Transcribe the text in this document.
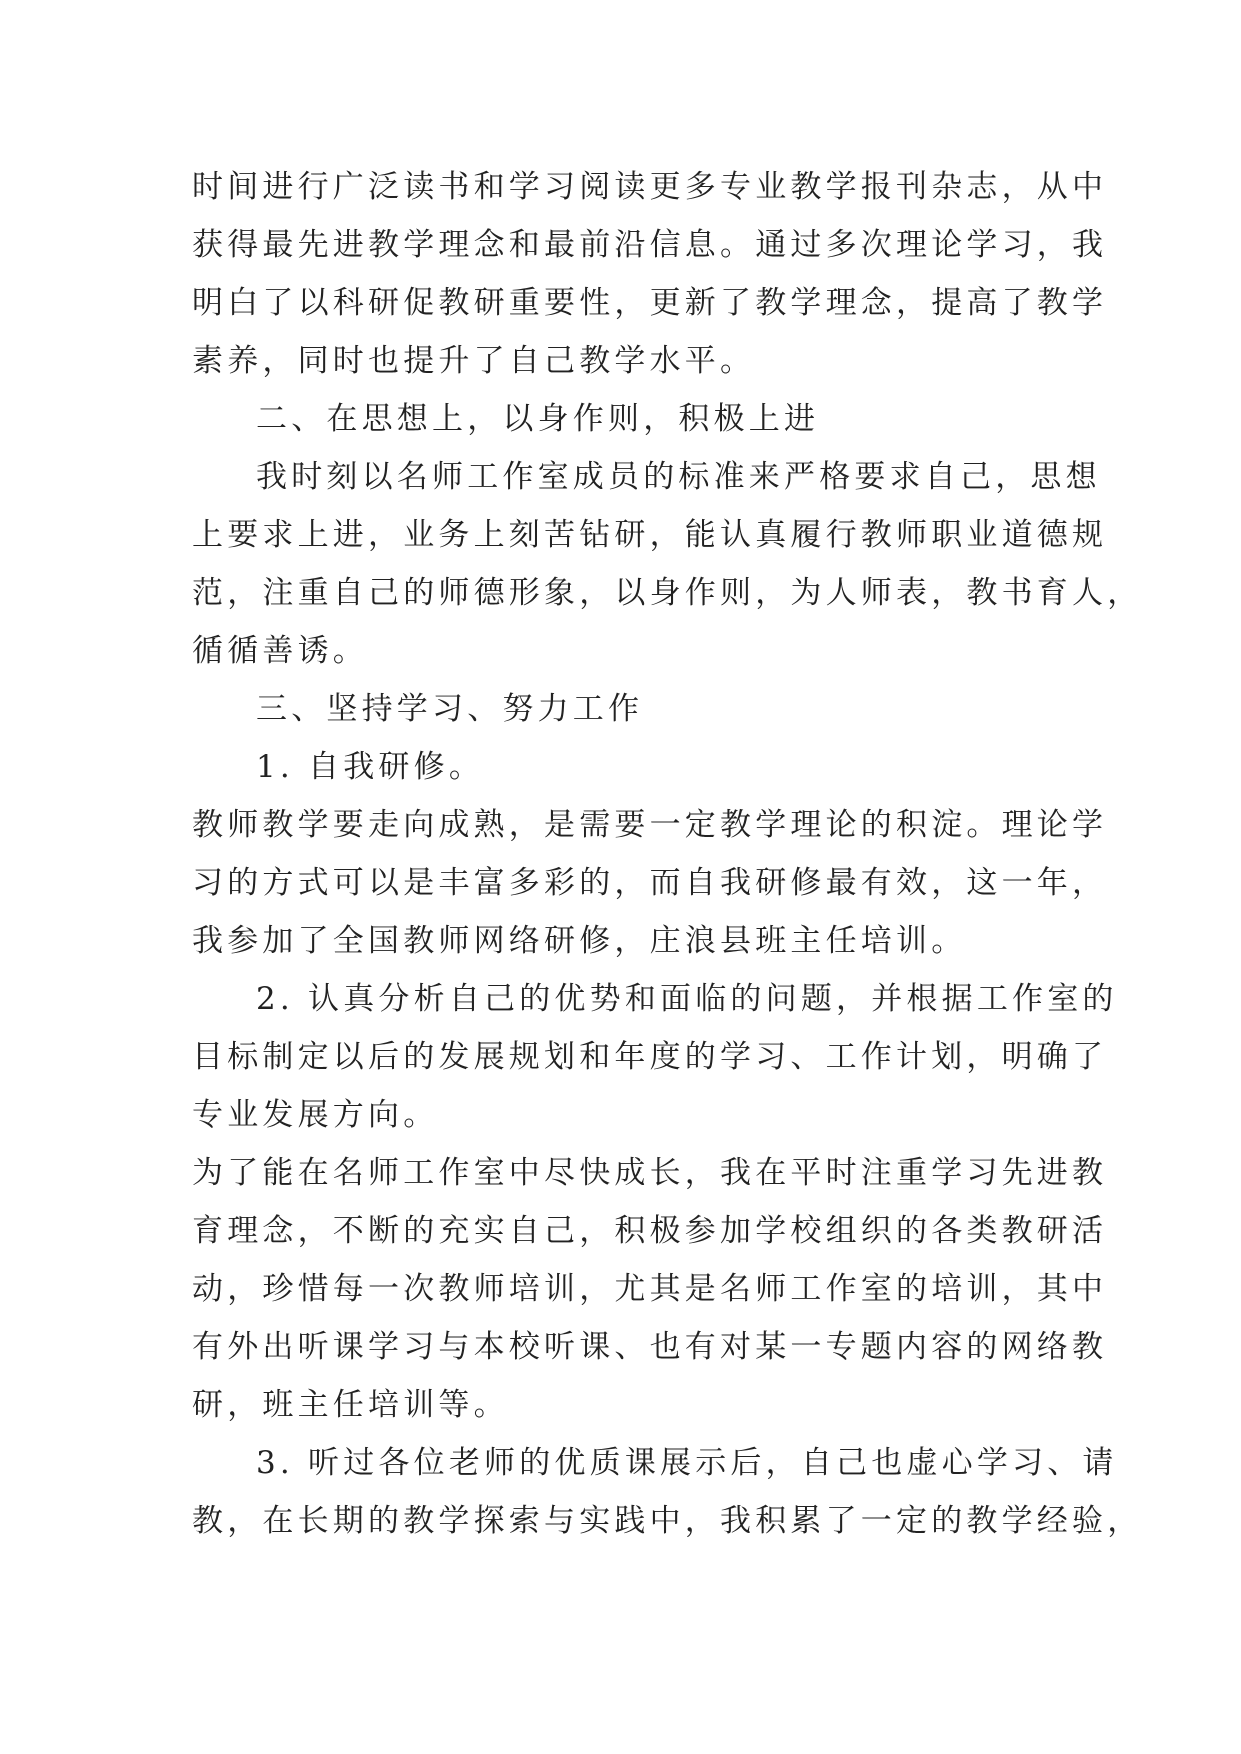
时间进行广泛读书和学习阅读更多专业教学报刊杂志，从中
获得最先进教学理念和最前沿信息。通过多次理论学习，我
明白了以科研促教研重要性，更新了教学理念，提高了教学
素养，同时也提升了自己教学水平。
二、在思想上，以身作则，积极上进
我时刻以名师工作室成员的标准来严格要求自己，思想
上要求上进，业务上刻苦钻研，能认真履行教师职业道德规
范，注重自己的师德形象，以身作则，为人师表，教书育人，
循循善诱。
三、坚持学习、努力工作
1. 自我研修。
教师教学要走向成熟，是需要一定教学理论的积淀。理论学
习的方式可以是丰富多彩的，而自我研修最有效，这一年，
我参加了全国教师网络研修，庄浪县班主任培训。
2. 认真分析自己的优势和面临的问题，并根据工作室的
目标制定以后的发展规划和年度的学习、工作计划，明确了
专业发展方向。
为了能在名师工作室中尽快成长，我在平时注重学习先进教
育理念，不断的充实自己，积极参加学校组织的各类教研活
动，珍惜每一次教师培训，尤其是名师工作室的培训，其中
有外出听课学习与本校听课、也有对某一专题内容的网络教
研，班主任培训等。
3. 听过各位老师的优质课展示后，自己也虚心学习、请
教，在长期的教学探索与实践中，我积累了一定的教学经验，
